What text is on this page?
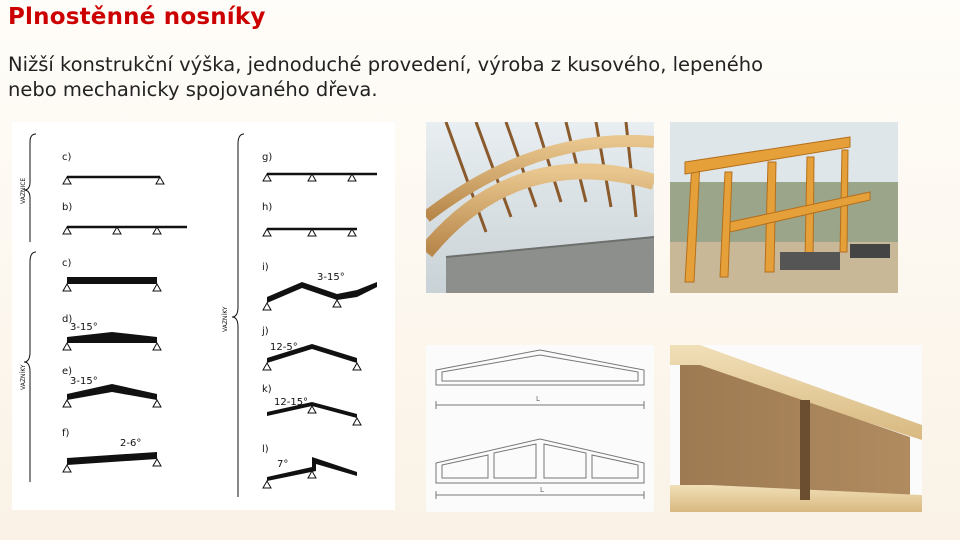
Plnostěnné nosníky
Nižší konstrukční výška, jednoduché provedení, výroba z kusového, lepeného
nebo mechanicky spojovaného dřeva.
VAZNICE
VAZNÍKY
VAZNÍKY
c)
b)
c)
d)
e)
f)
3-15°
3-15°
2-6°
g)
h)
i)
j)
k)
l)
3-15°
12-5°
12-15°
7°
L
L
